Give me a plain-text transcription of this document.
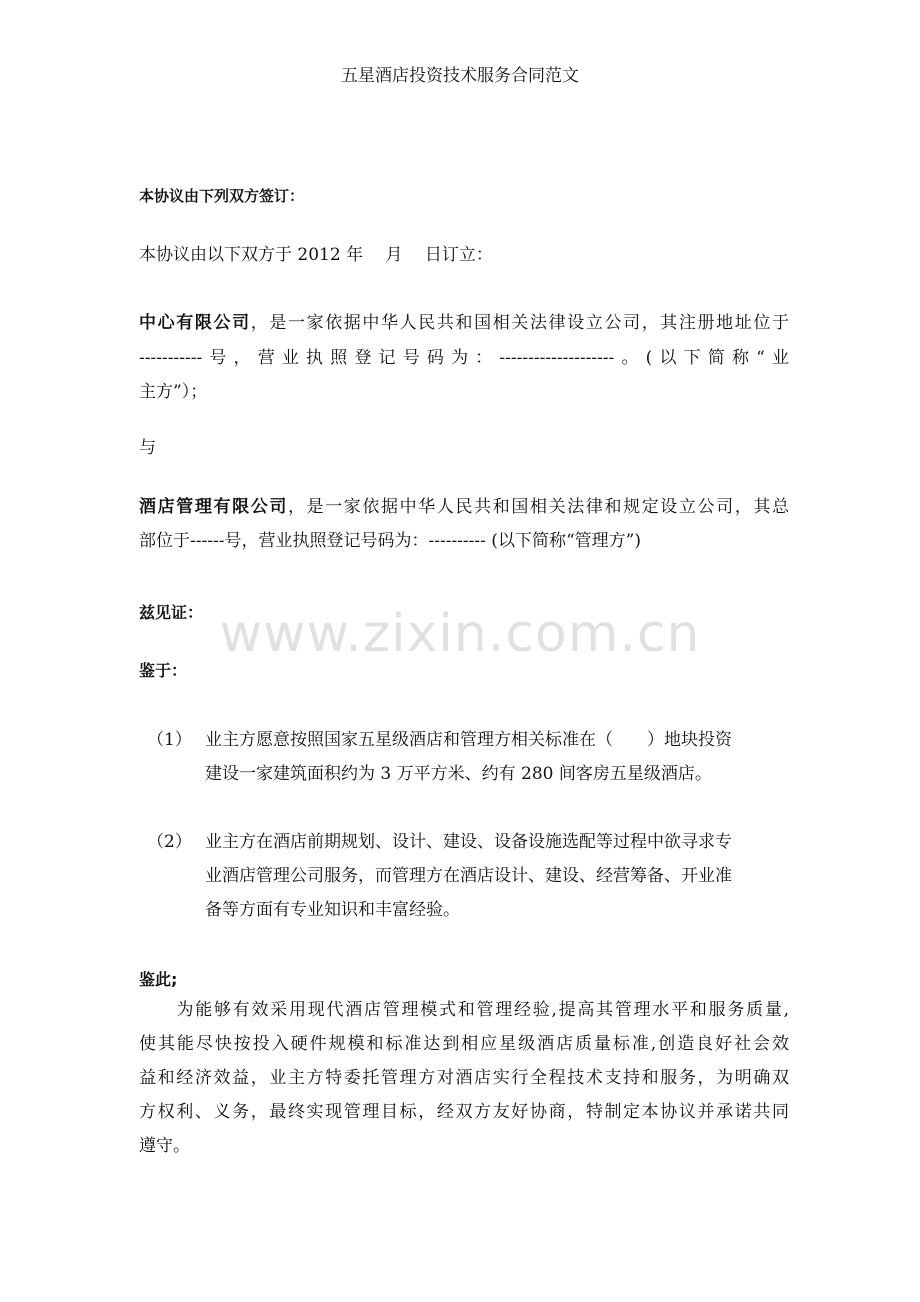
五星酒店投资技术服务合同范文
本协议由下列双方签订：
本协议由以下双方于 2012 年　 月　 日订立：
中心有限公司，是一家依据中华人民共和国相关法律设立公司，其注册地址位于
-----------号，营业执照登记号码为：--------------------。(以下简称“业
主方”）；
与
酒店管理有限公司，是一家依据中华人民共和国相关法律和规定设立公司，其总
部位于------号，营业执照登记号码为：---------- (以下简称“管理方”)
兹见证：
鉴于：
（1） 业主方愿意按照国家五星级酒店和管理方相关标准在（　　）地块投资
建设一家建筑面积约为 3 万平方米、约有 280 间客房五星级酒店。
（2） 业主方在酒店前期规划、设计、建设、设备设施选配等过程中欲寻求专
业酒店管理公司服务，而管理方在酒店设计、建设、经营筹备、开业准
备等方面有专业知识和丰富经验。
鉴此;
　　为能够有效采用现代酒店管理模式和管理经验,提高其管理水平和服务质量,
使其能尽快按投入硬件规模和标准达到相应星级酒店质量标准,创造良好社会效
益和经济效益，业主方特委托管理方对酒店实行全程技术支持和服务，为明确双
方权利、义务，最终实现管理目标，经双方友好协商，特制定本协议并承诺共同
遵守。
www.zixin.com.cn
